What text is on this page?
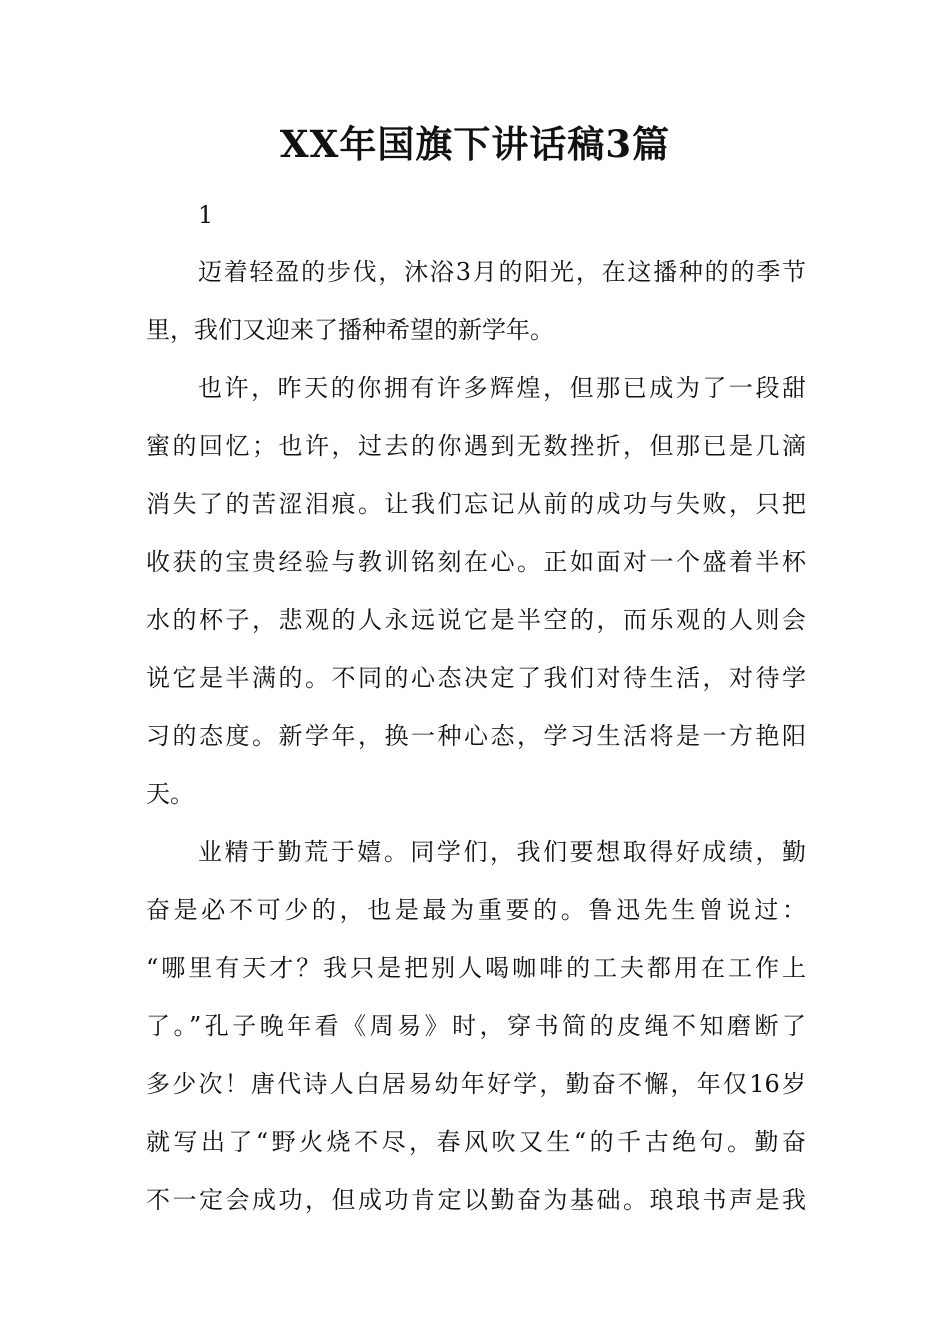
XX年国旗下讲话稿3篇
1
迈着轻盈的步伐，沐浴3月的阳光，在这播种的的季节
里，我们又迎来了播种希望的新学年。
也许，昨天的你拥有许多辉煌，但那已成为了一段甜
蜜的回忆；也许，过去的你遇到无数挫折，但那已是几滴
消失了的苦涩泪痕。让我们忘记从前的成功与失败，只把
收获的宝贵经验与教训铭刻在心。正如面对一个盛着半杯
水的杯子，悲观的人永远说它是半空的，而乐观的人则会
说它是半满的。不同的心态决定了我们对待生活，对待学
习的态度。新学年，换一种心态，学习生活将是一方艳阳
天。
业精于勤荒于嬉。同学们，我们要想取得好成绩，勤
奋是必不可少的，也是最为重要的。鲁迅先生曾说过：
“哪里有天才？我只是把别人喝咖啡的工夫都用在工作上
了。”孔子晚年看《周易》时，穿书简的皮绳不知磨断了
多少次！唐代诗人白居易幼年好学，勤奋不懈，年仅16岁
就写出了“野火烧不尽，春风吹又生“的千古绝句。勤奋
不一定会成功，但成功肯定以勤奋为基础。琅琅书声是我
